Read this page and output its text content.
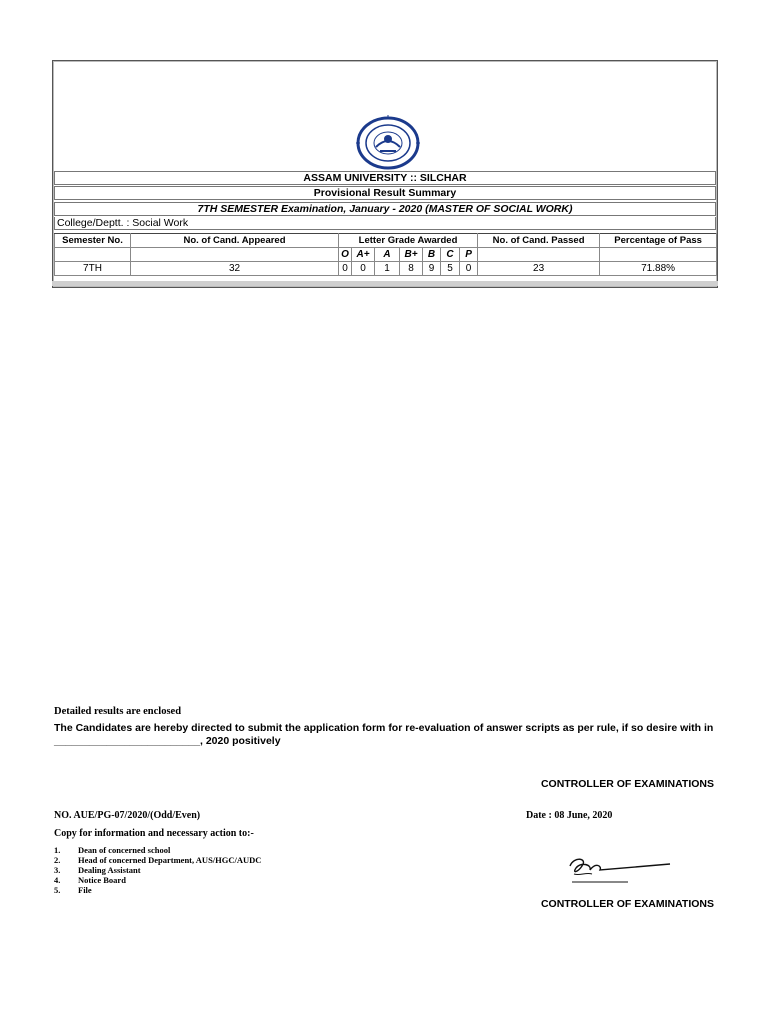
ASSAM UNIVERSITY :: SILCHAR
Provisional Result Summary
7TH SEMESTER Examination, January - 2020 (MASTER OF SOCIAL WORK)
College/Deptt. : Social Work
Semester No.	No. of Cand. Appeared	Letter Grade Awarded							No. of Cand. Passed	Percentage of Pass
		O	A+	A	B+	B	C	P		
7TH	32	0	0	1	8	9	5	0	23	71.88%
Detailed results are enclosed
The Candidates are hereby directed to submit the application form for re-evaluation of answer scripts as per rule, if so desire with in _________________________, 2020 positively
CONTROLLER OF EXAMINATIONS
NO. AUE/PG-07/2020/(Odd/Even)	Date : 08 June, 2020
Copy for information and necessary action to:-
1. Dean of concerned school
2. Head of concerned Department, AUS/HGC/AUDC
3. Dealing Assistant
4. Notice Board
5. File
CONTROLLER OF EXAMINATIONS
